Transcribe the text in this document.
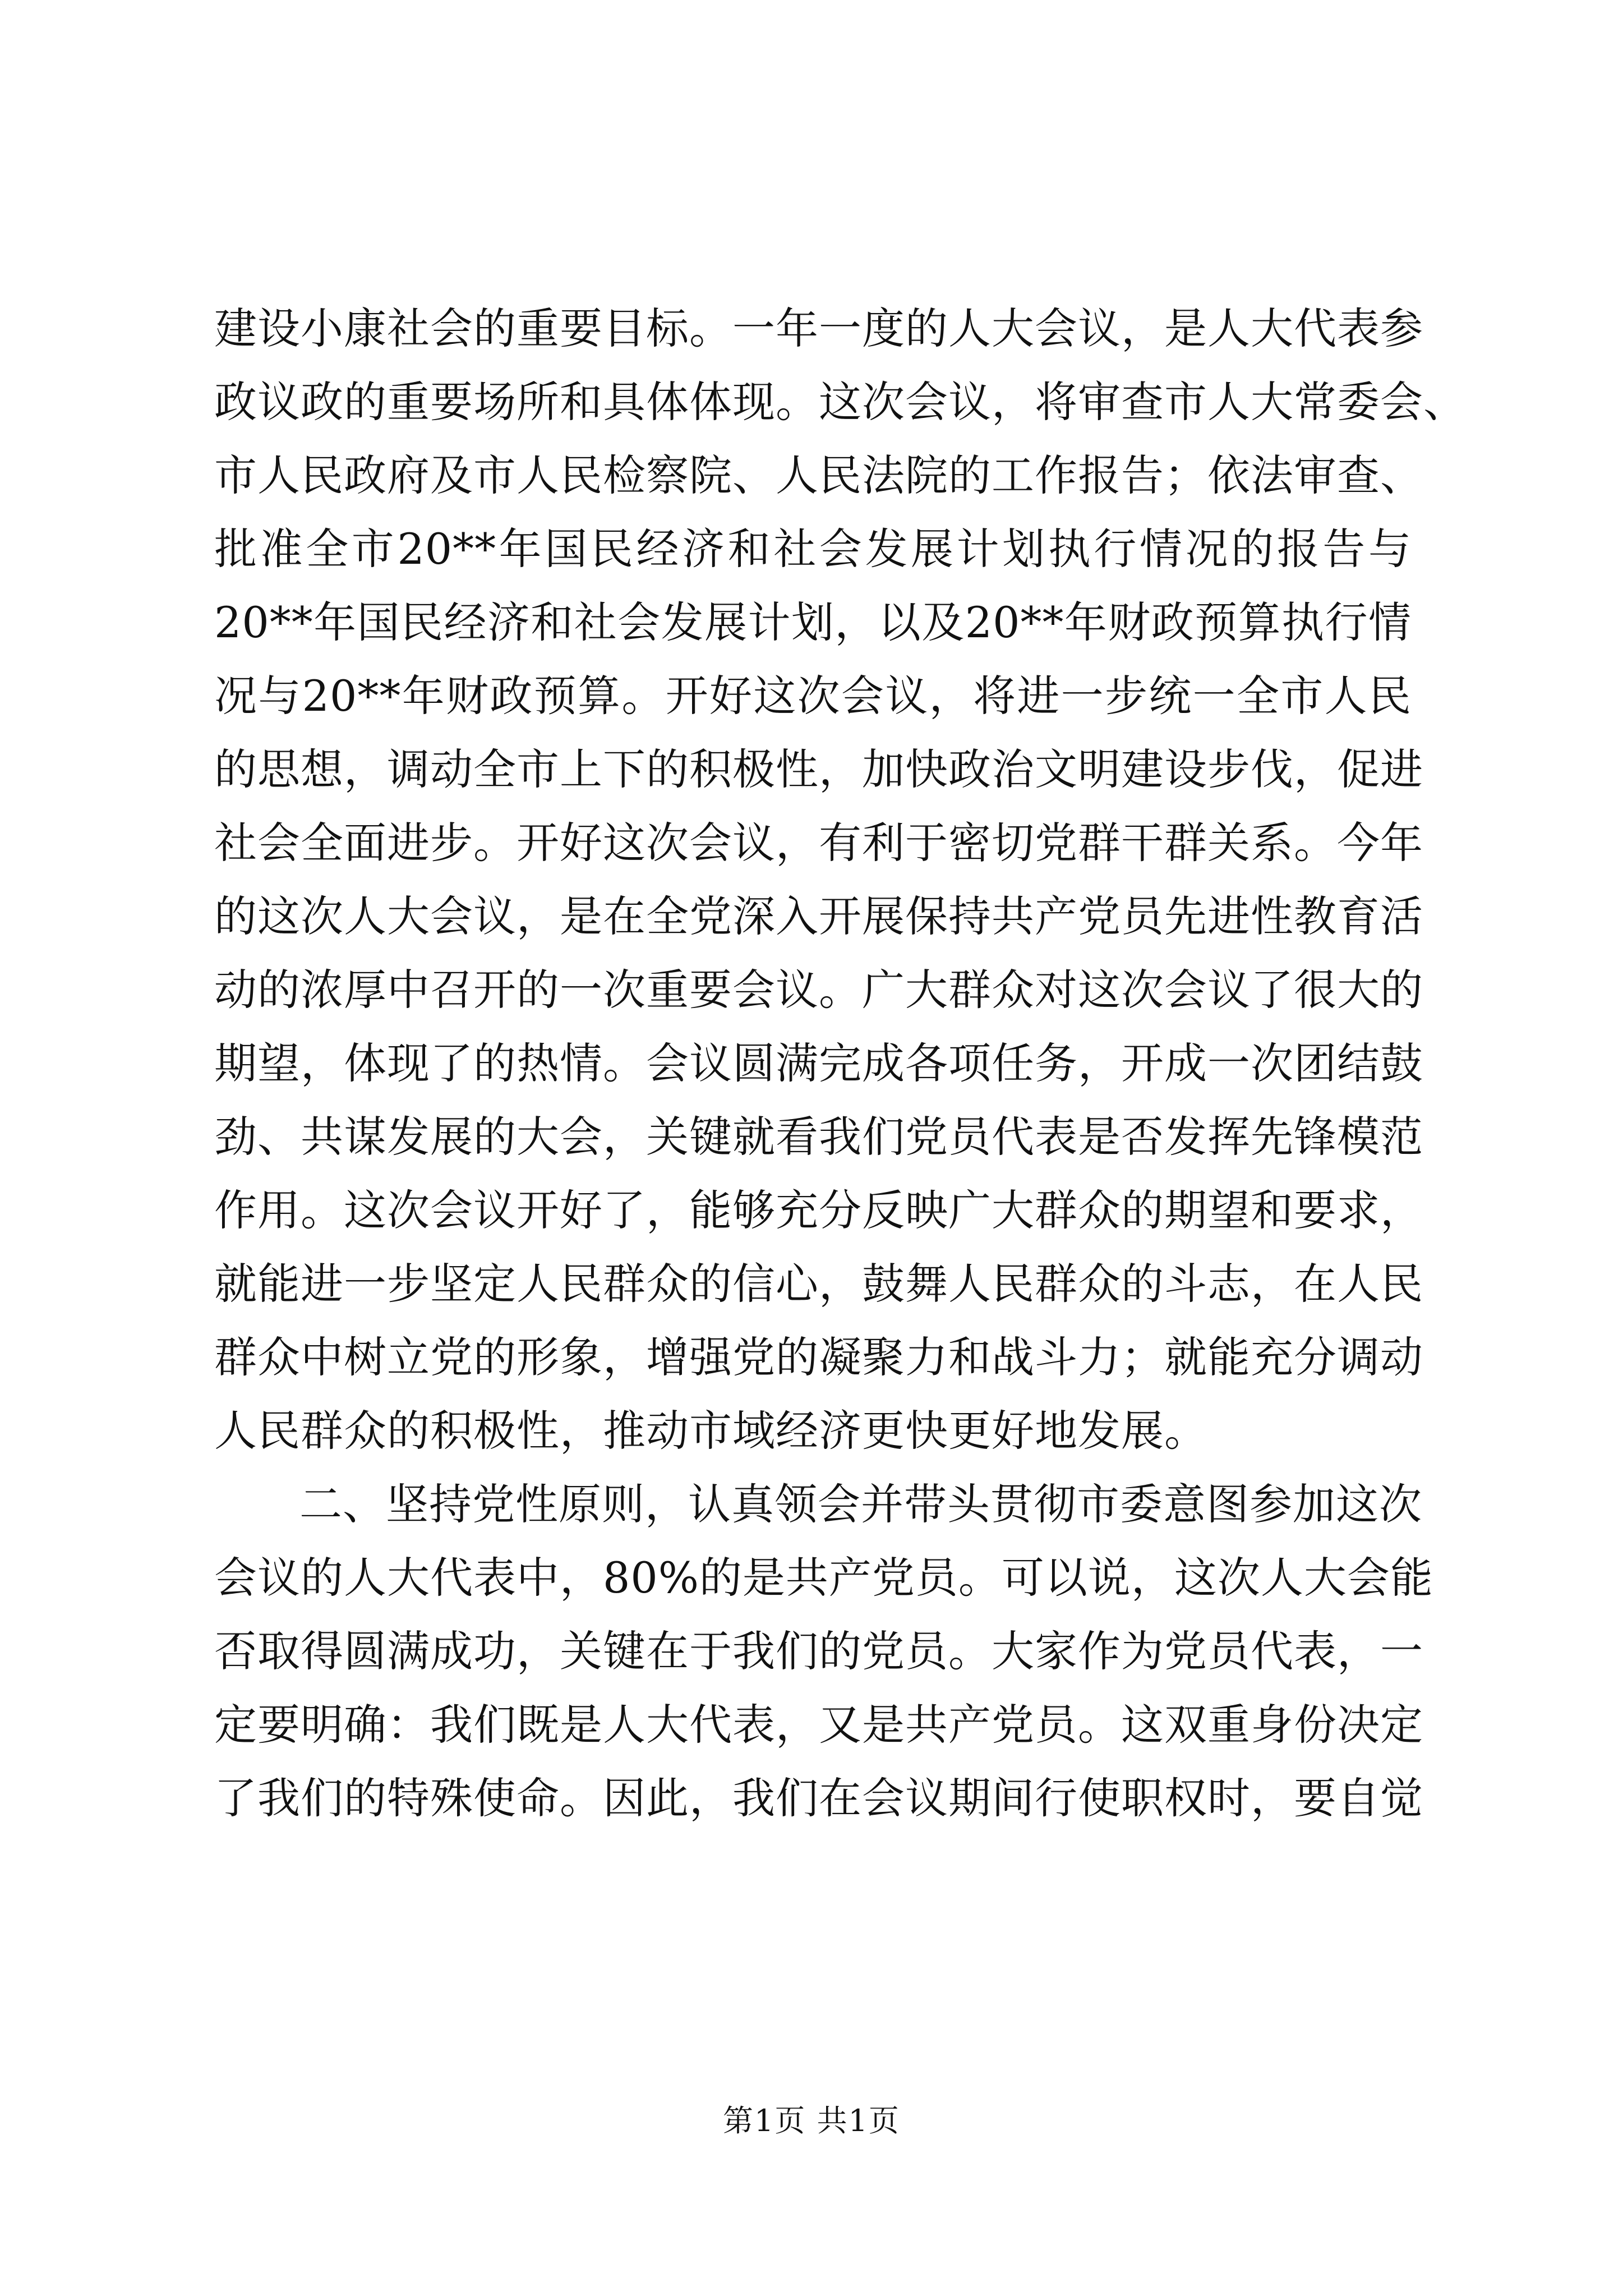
建设小康社会的重要目标。一年一度的人大会议，是人大代表参
政议政的重要场所和具体体现。这次会议，将审查市人大常委会、
市人民政府及市人民检察院、人民法院的工作报告；依法审查、
批准全市20**年国民经济和社会发展计划执行情况的报告与
20**年国民经济和社会发展计划，以及20**年财政预算执行情
况与20**年财政预算。开好这次会议，将进一步统一全市人民
的思想，调动全市上下的积极性，加快政治文明建设步伐，促进
社会全面进步。开好这次会议，有利于密切党群干群关系。今年
的这次人大会议，是在全党深入开展保持共产党员先进性教育活
动的浓厚中召开的一次重要会议。广大群众对这次会议了很大的
期望，体现了的热情。会议圆满完成各项任务，开成一次团结鼓
劲、共谋发展的大会，关键就看我们党员代表是否发挥先锋模范
作用。这次会议开好了，能够充分反映广大群众的期望和要求，
就能进一步坚定人民群众的信心，鼓舞人民群众的斗志，在人民
群众中树立党的形象，增强党的凝聚力和战斗力；就能充分调动
人民群众的积极性，推动市域经济更快更好地发展。
二、坚持党性原则，认真领会并带头贯彻市委意图参加这次
会议的人大代表中，80%的是共产党员。可以说，这次人大会能
否取得圆满成功，关键在于我们的党员。大家作为党员代表，一
定要明确：我们既是人大代表，又是共产党员。这双重身份决定
了我们的特殊使命。因此，我们在会议期间行使职权时，要自觉
第1页 共1页
